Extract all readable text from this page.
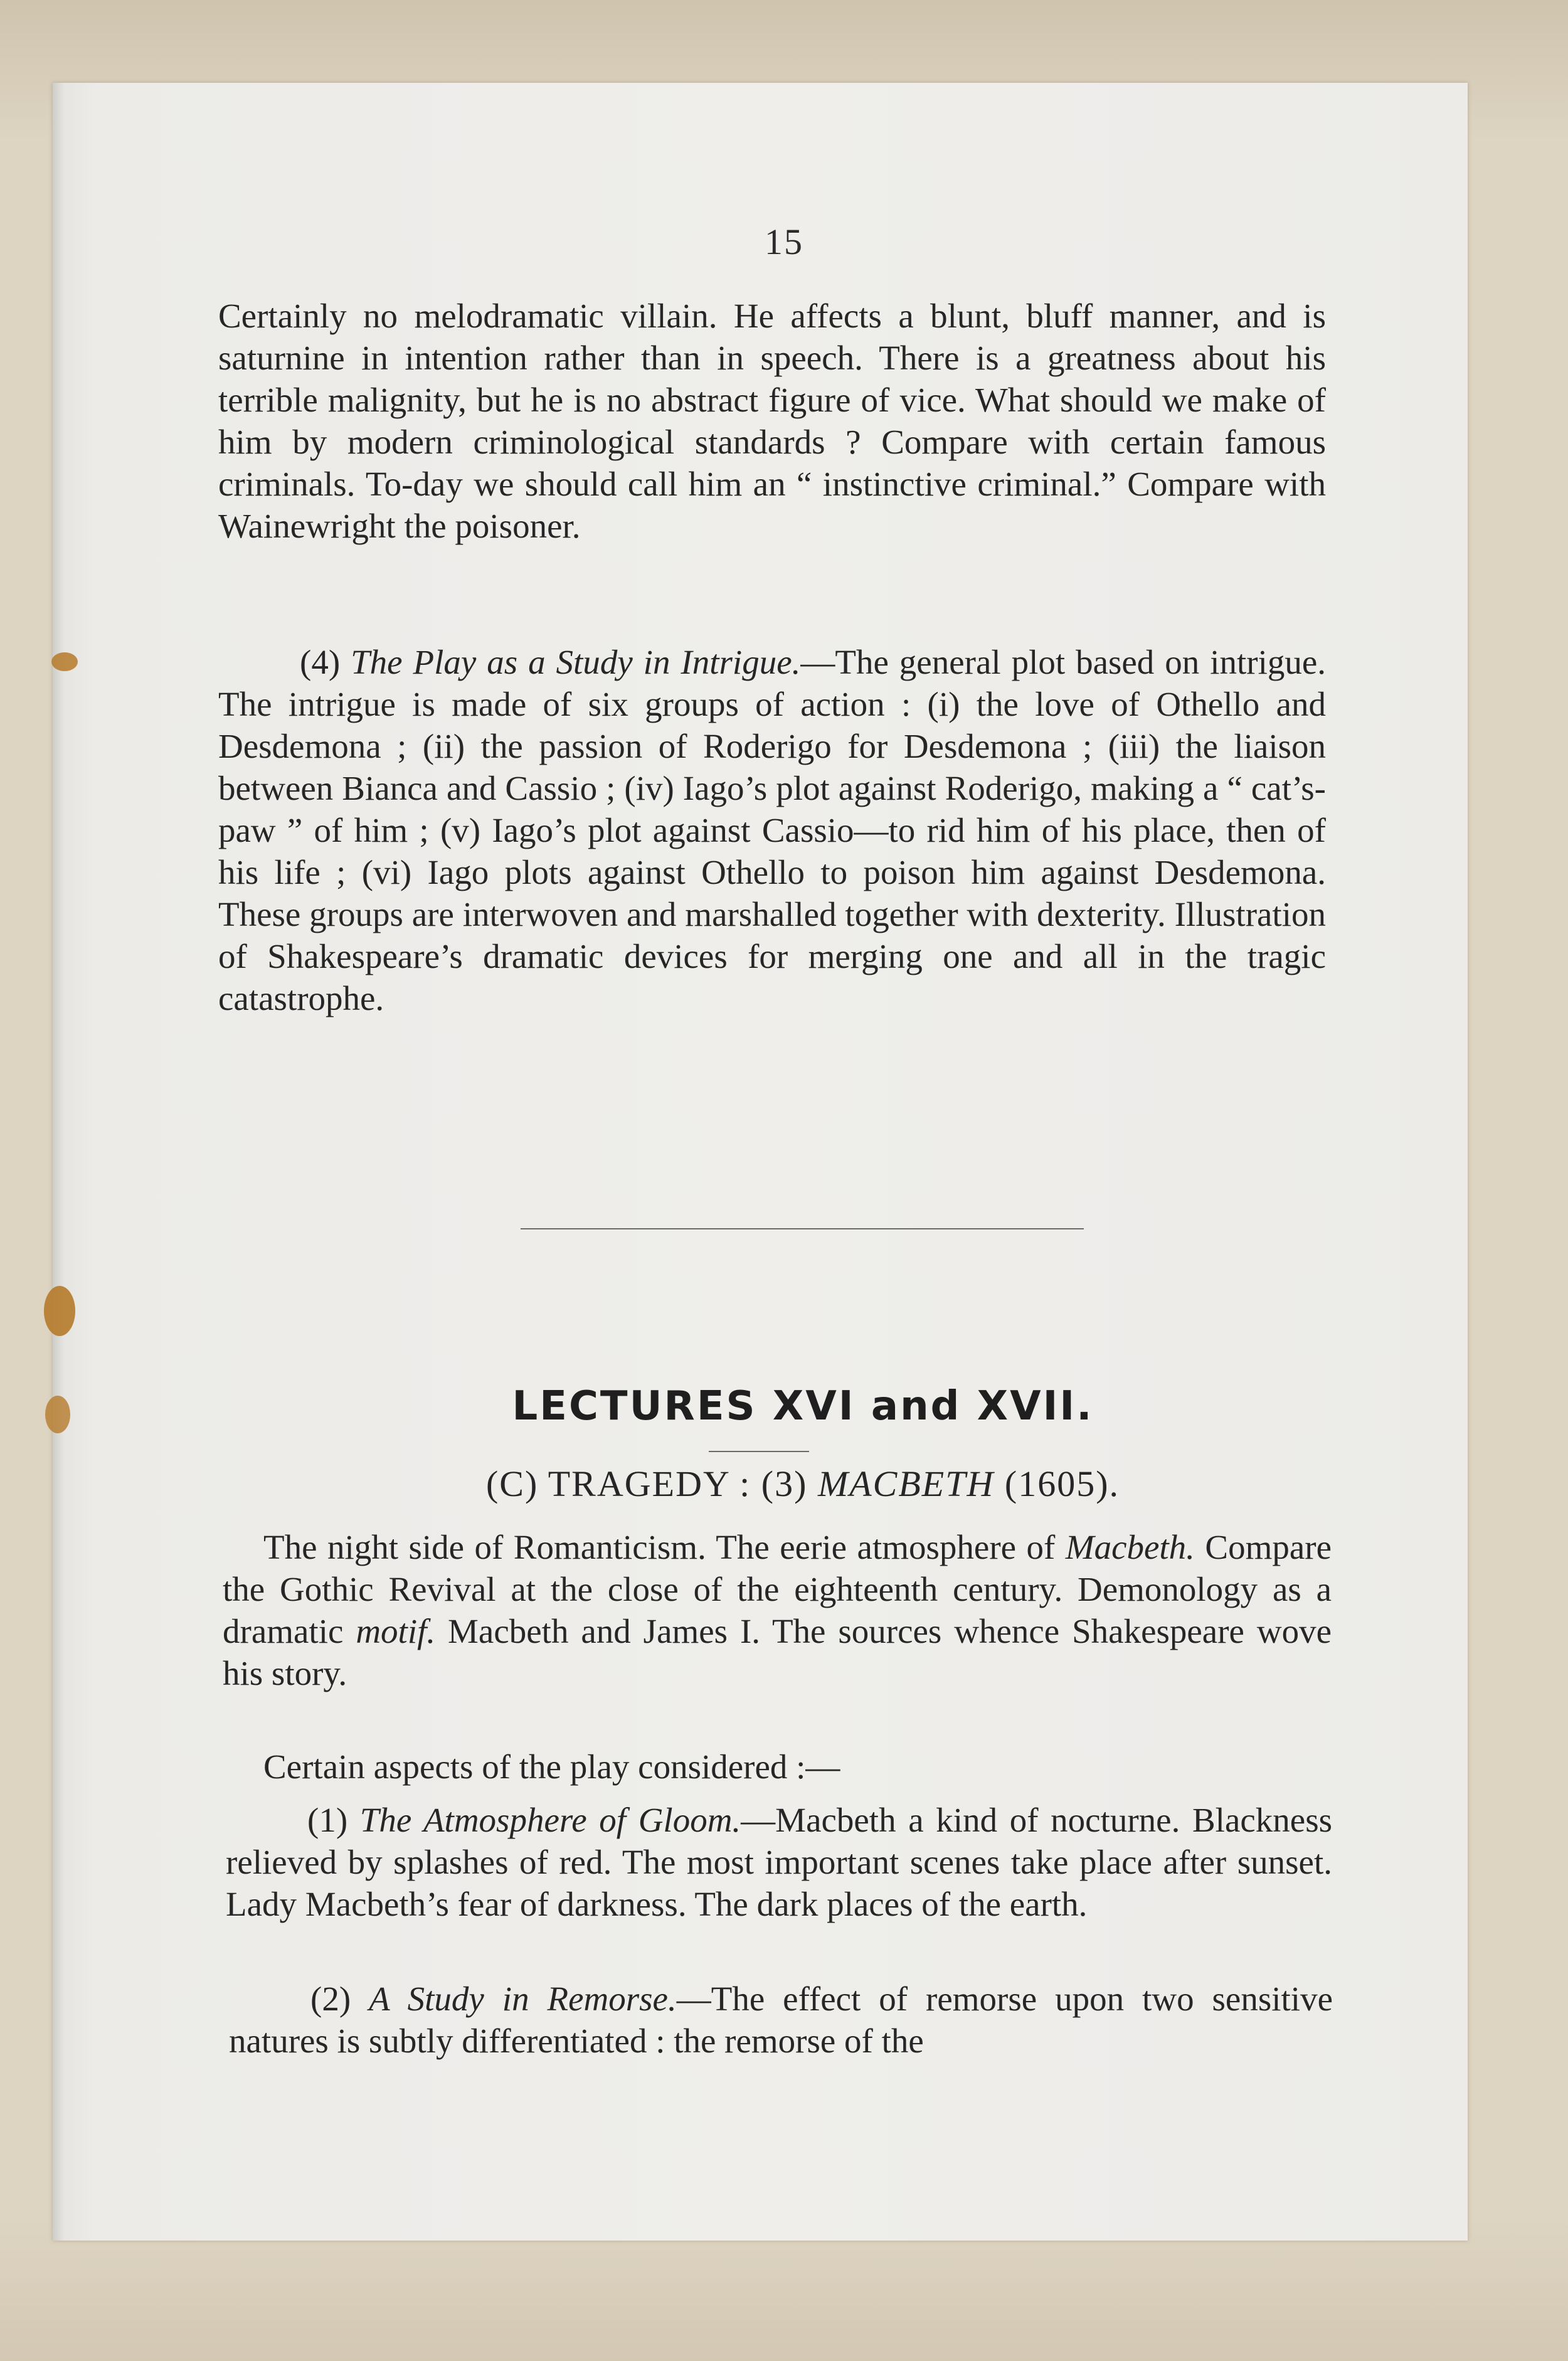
15

Certainly no melodramatic villain. He affects a blunt, bluff manner, and is saturnine in intention rather than in speech. There is a greatness about his terrible malignity, but he is no abstract figure of vice. What should we make of him by modern criminological standards ? Compare with certain famous criminals. To-day we should call him an “ instinctive criminal.” Compare with Wainewright the poisoner.

(4) The Play as a Study in Intrigue.—The general plot based on intrigue. The intrigue is made of six groups of action : (i) the love of Othello and Desdemona ; (ii) the passion of Roderigo for Desdemona ; (iii) the liaison between Bianca and Cassio ; (iv) Iago’s plot against Roderigo, making a “ cat’s-paw ” of him ; (v) Iago’s plot against Cassio—to rid him of his place, then of his life ; (vi) Iago plots against Othello to poison him against Desdemona. These groups are interwoven and marshalled together with dexterity. Illustration of Shakespeare’s dramatic devices for merging one and all in the tragic catastrophe.

LECTURES XVI and XVII.
(C) TRAGEDY : (3) MACBETH (1605).

The night side of Romanticism. The eerie atmosphere of Macbeth. Compare the Gothic Revival at the close of the eighteenth century. Demonology as a dramatic motif. Macbeth and James I. The sources whence Shakespeare wove his story.

Certain aspects of the play considered :—

(1) The Atmosphere of Gloom.—Macbeth a kind of nocturne. Blackness relieved by splashes of red. The most important scenes take place after sunset. Lady Macbeth’s fear of darkness. The dark places of the earth.

(2) A Study in Remorse.—The effect of remorse upon two sensitive natures is subtly differentiated : the remorse of the
